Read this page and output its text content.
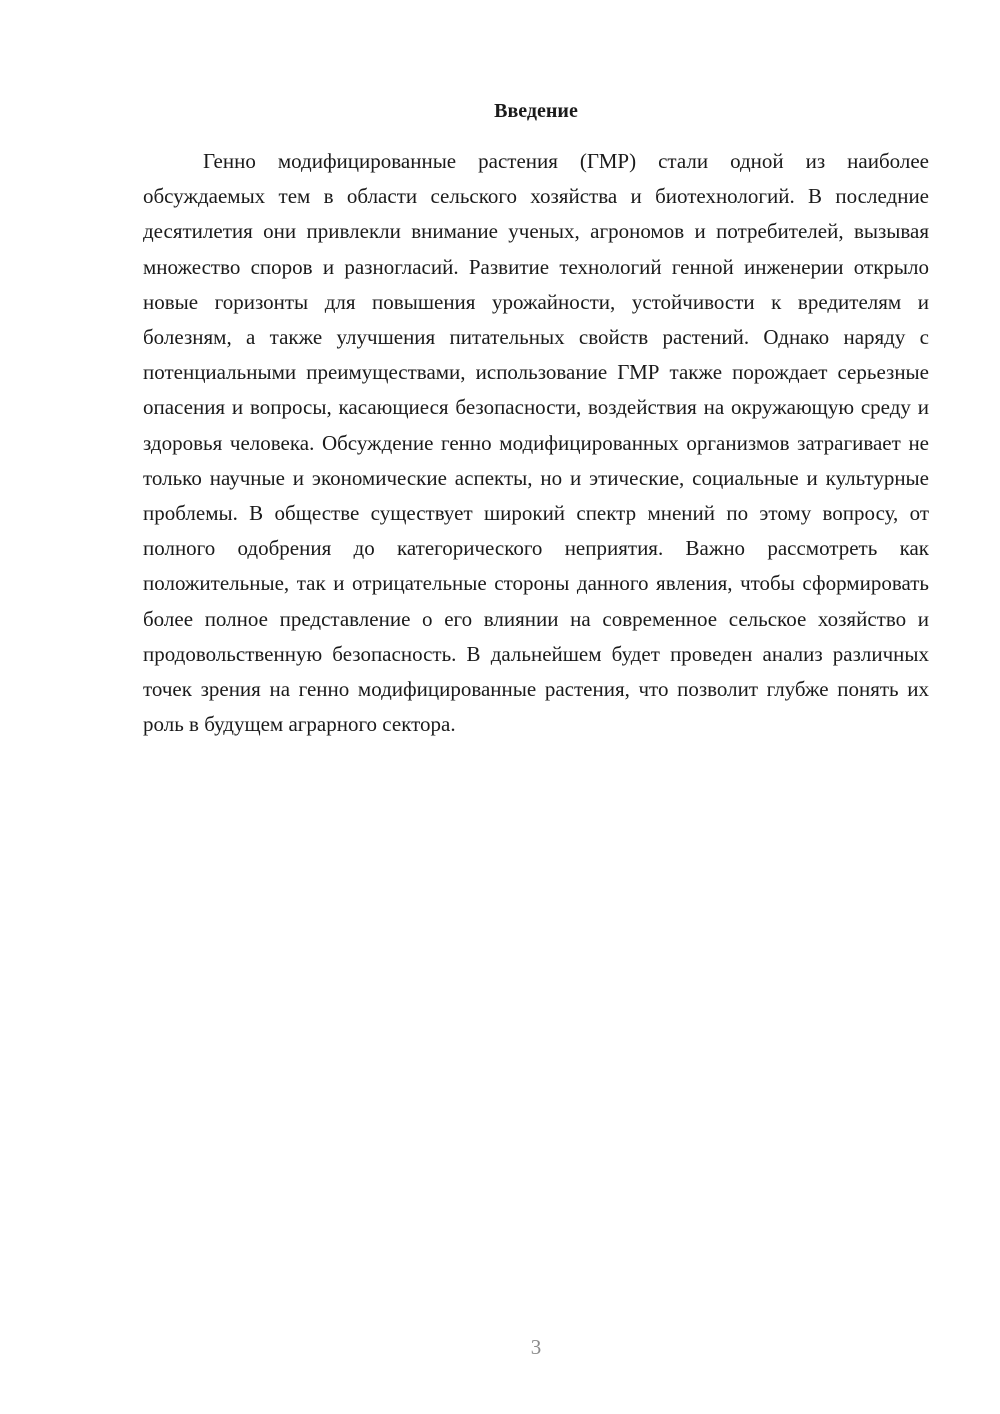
Введение

Генно модифицированные растения (ГМР) стали одной из наиболее обсуждаемых тем в области сельского хозяйства и биотехнологий. В последние десятилетия они привлекли внимание ученых, агрономов и потребителей, вызывая множество споров и разногласий. Развитие технологий генной инженерии открыло новые горизонты для повышения урожайности, устойчивости к вредителям и болезням, а также улучшения питательных свойств растений. Однако наряду с потенциальными преимуществами, использование ГМР также порождает серьезные опасения и вопросы, касающиеся безопасности, воздействия на окружающую среду и здоровья человека. Обсуждение генно модифицированных организмов затрагивает не только научные и экономические аспекты, но и этические, социальные и культурные проблемы. В обществе существует широкий спектр мнений по этому вопросу, от полного одобрения до категорического неприятия. Важно рассмотреть как положительные, так и отрицательные стороны данного явления, чтобы сформировать более полное представление о его влиянии на современное сельское хозяйство и продовольственную безопасность. В дальнейшем будет проведен анализ различных точек зрения на генно модифицированные растения, что позволит глубже понять их роль в будущем аграрного сектора.

3
